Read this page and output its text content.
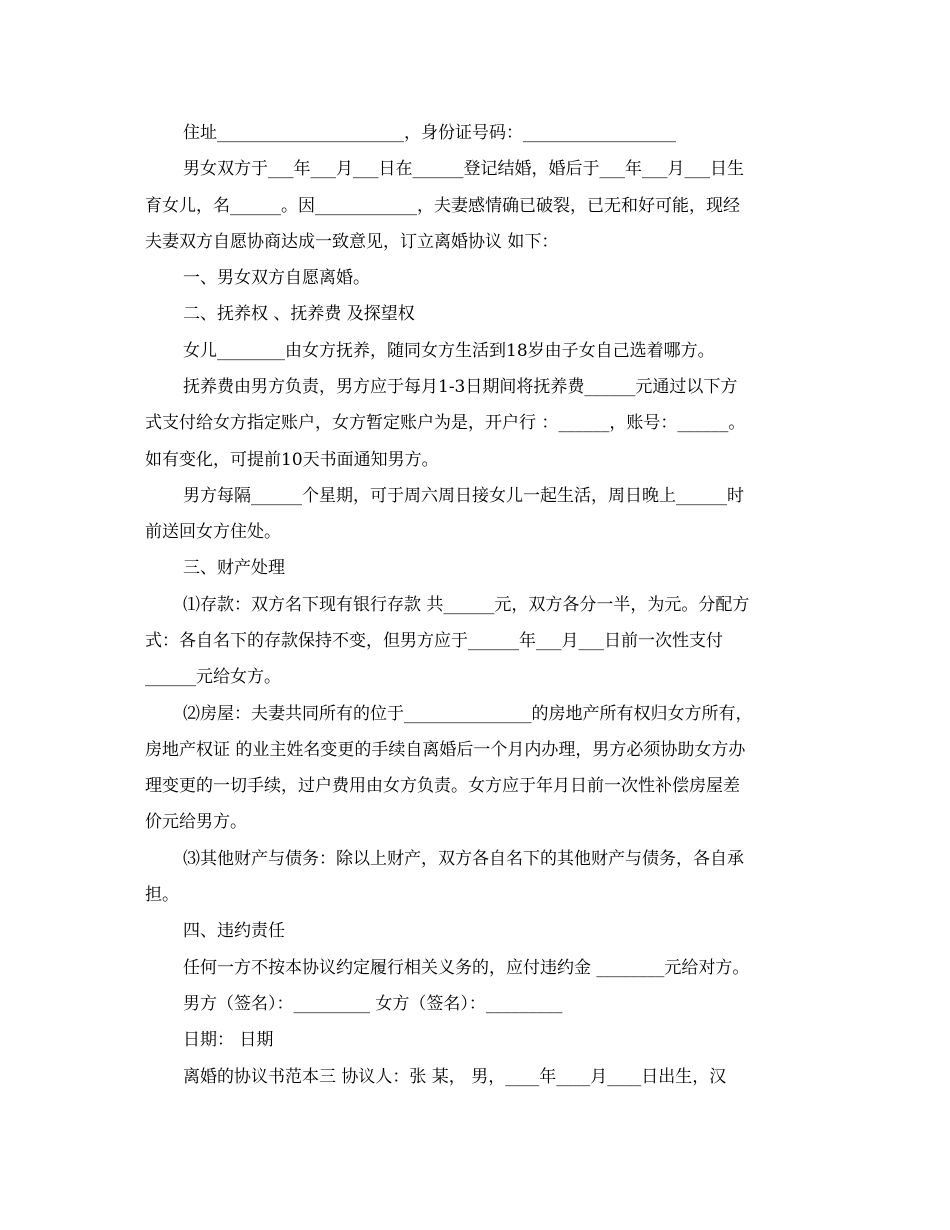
住址______________________，身份证号码：__________________
男女双方于___年___月___日在______登记结婚，婚后于___年___月___日生
育女儿，名______。因____________，夫妻感情确已破裂，已无和好可能，现经
夫妻双方自愿协商达成一致意见，订立离婚协议 如下：
一、男女双方自愿离婚。
二、抚养权 、抚养费 及探望权
女儿________由女方抚养，随同女方生活到18岁由子女自己选着哪方。
抚养费由男方负责，男方应于每月1-3日期间将抚养费______元通过以下方
式支付给女方指定账户，女方暂定账户为是，开户行 ：______，账号：______。
如有变化，可提前10天书面通知男方。
男方每隔______个星期，可于周六周日接女儿一起生活，周日晚上______时
前送回女方住处。
三、财产处理
⑴存款：双方名下现有银行存款 共______元，双方各分一半，为元。分配方
式：各自名下的存款保持不变，但男方应于______年___月___日前一次性支付
______元给女方。
⑵房屋：夫妻共同所有的位于_______________的房地产所有权归女方所有，
房地产权证 的业主姓名变更的手续自离婚后一个月内办理，男方必须协助女方办
理变更的一切手续，过户费用由女方负责。女方应于年月日前一次性补偿房屋差
价元给男方。
⑶其他财产与债务：除以上财产，双方各自名下的其他财产与债务，各自承
担。
四、违约责任
任何一方不按本协议约定履行相关义务的，应付违约金 ________元给对方。
男方（签名）：_________ 女方（签名）：_________
日期： 日期
离婚的协议书范本三 协议人：张 某， 男，____年____月____日出生，汉
